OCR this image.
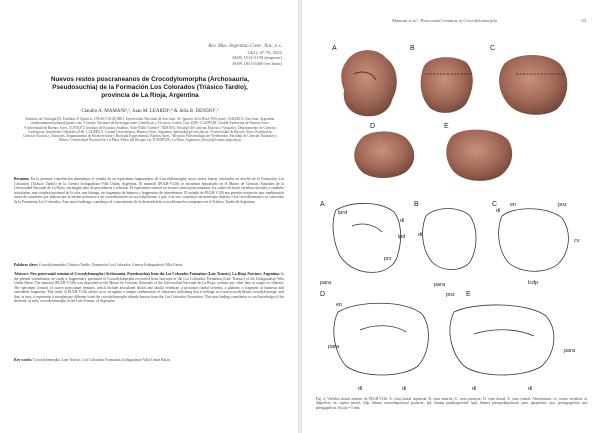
Rev. Mus. Argentino Cienc. Nat., n.s.
24(1): 47-76, 2022
ISSN 1514-5158 (impresa)
ISSN 1853-0400 (en línea)
Nuevos restos poscraneanos de Crocodylomorpha (Archosauria,
Pseudosuchia) de la Formación Los Colorados (Triásico Tardío),
provincia de La Rioja, Argentina
Claudio A. MAMANI¹,², Juan M. LEARDI³,⁴ & Julia B. DESOJO¹,⁵
¹Instituto de Geología Dr. Emiliano P. Aparicio, INGEO-CIGEOBIO, Universidad Nacional de San Juan, Av. Ignacio de la Roza 590 (oeste), J5402DCS, San Juan, Argentina. claudiomamani.palaeo@gmail.com. ²Consejo Nacional de Investigaciones Científicas y Técnicas, Godoy Cruz 2290, C1425FQB, Ciudad Autónoma de Buenos Aires. ³Universidad de Buenos Aires, CONICET, Instituto de Estudios Andinos “Don Pablo Groeber” (IDEAN), Facultad de Ciencias Exactas y Naturales, Departamento de Ciencias Geológicas, Intendente Güiraldes 2160, C1428EGA, Ciudad Universitaria, Buenos Aires, Argentina. jmleardi@gl.fcen.uba.ar. ⁴Universidad de Buenos Aires, Facultad de Ciencias Exactas y Naturales, Departamento de Biodiversidad y Biología Experimental, Buenos Aires. ⁵División Paleontología de Vertebrados, Facultad de Ciencias Naturales y Museo, Universidad Nacional de La Plata, Paseo del Bosque s/n, B1900FWA, La Plata, Argentina. jdesojo@fcnym.unlp.edu.ar
Resumen. En la presente contribución abordamos el estudio de un espécimen fragmentario de Crocodylomorpha cuyos restos fueron colectados en niveles de la Formación Los Colorados (Triásico Tardío) de la Cuenca Ischigualasto-Villa Unión, Argentina. El material (PULR-V126) se encuentra depositado en el Museo de Ciencias Naturales de la Universidad Nacional de La Rioja, sin ningún dato de procedencia o relación. El espécimen consiste en escasos restos postcraneanos, los cuales incluyen vértebras dorsales y caudales articuladas, una vértebra proximal de la cola, una falange, un fragmento de húmero y fragmentos de osteodermos. El estudio de PULR-V126 nos permite reconocer una combinación única de caracteres que indican que el mismo pertenece a un crocodilomorfo no crocodyliforme, y que, a su vez, constituye un morfotipo distinto a los crocodilomorfos ya conocidos de la Formación Los Colorados. Este nuevo hallazgo contribuye al conocimiento de la diversidad de crocodilomorfos tempranos en el Triásico Tardío de Argentina.
Palabras clave: Crocodylomorpha, Triásico Tardío, Formación Los Colorados, Cuenca Ischigualasto-Villa Unión.
Abstract: New postcranial remains of Crocodylomorpha (Archosauria, Pseudosuchia) from the Los Colorados Formation (Late Triassic), La Rioja Province, Argentina. In the present contribution we study a fragmentary specimen of Crocodylomorpha recovered from outcrops of the Los Colorados Formation (Late Triassic) of the Ischigualasto-Villa Unión Basin. The material (PULR-V126) was deposited in the Museo de Ciencias Naturales of the Universidad Nacional de La Rioja, without any other data of origin or collector. The specimen consists of scarce postcranial remains, which include articulated dorsal and caudal vertebrae, a proximal caudal vertebra, a phalanx, a fragment of humerus and osteoderm fragments. The study of PULR-V126 allows us to recognize a unique combination of characters indicating that it belongs to a non-crocodyliform crocodylomorph, and that, in turn, it represents a morphotype different from the crocodylomorphs already known from the Los Colorados Formation. This new finding contributes to our knowledge of the diversity of early crocodylomorphs in the Late Triassic of Argentina.
Key words: Crocodylomorpha, Late Triassic, Los Colorados Formation, Ischigualasto-Villa Unión Basin.
Mamani et al.: Postcranial remains of Crocodylomorpha	53
A	B	C
D	E
A
lprd
di
lpd
prz
para
B
di
para
C en	poz
di
cv
lcdp
D
en
para
di	di
E
poz
para
di	di
Fig. 2. Vértebra dorsal anterior de PULR-V126. A, vista lateral izquierda; B, vista anterior; C, vista posterior; D, vista dorsal; E, vista ventral. Abreviaturas: cv, centro vertebral; di, diapófisis; en, espina neural; lcdp, lámina centrodiapofiseal posterior; lpd, lámina paradiapofiseal; lprd, lámina prezigodiapofiseal; para, parapófisis; poz, postzigapófisis; prz, prezigapófisis. Escala = 5 mm.
